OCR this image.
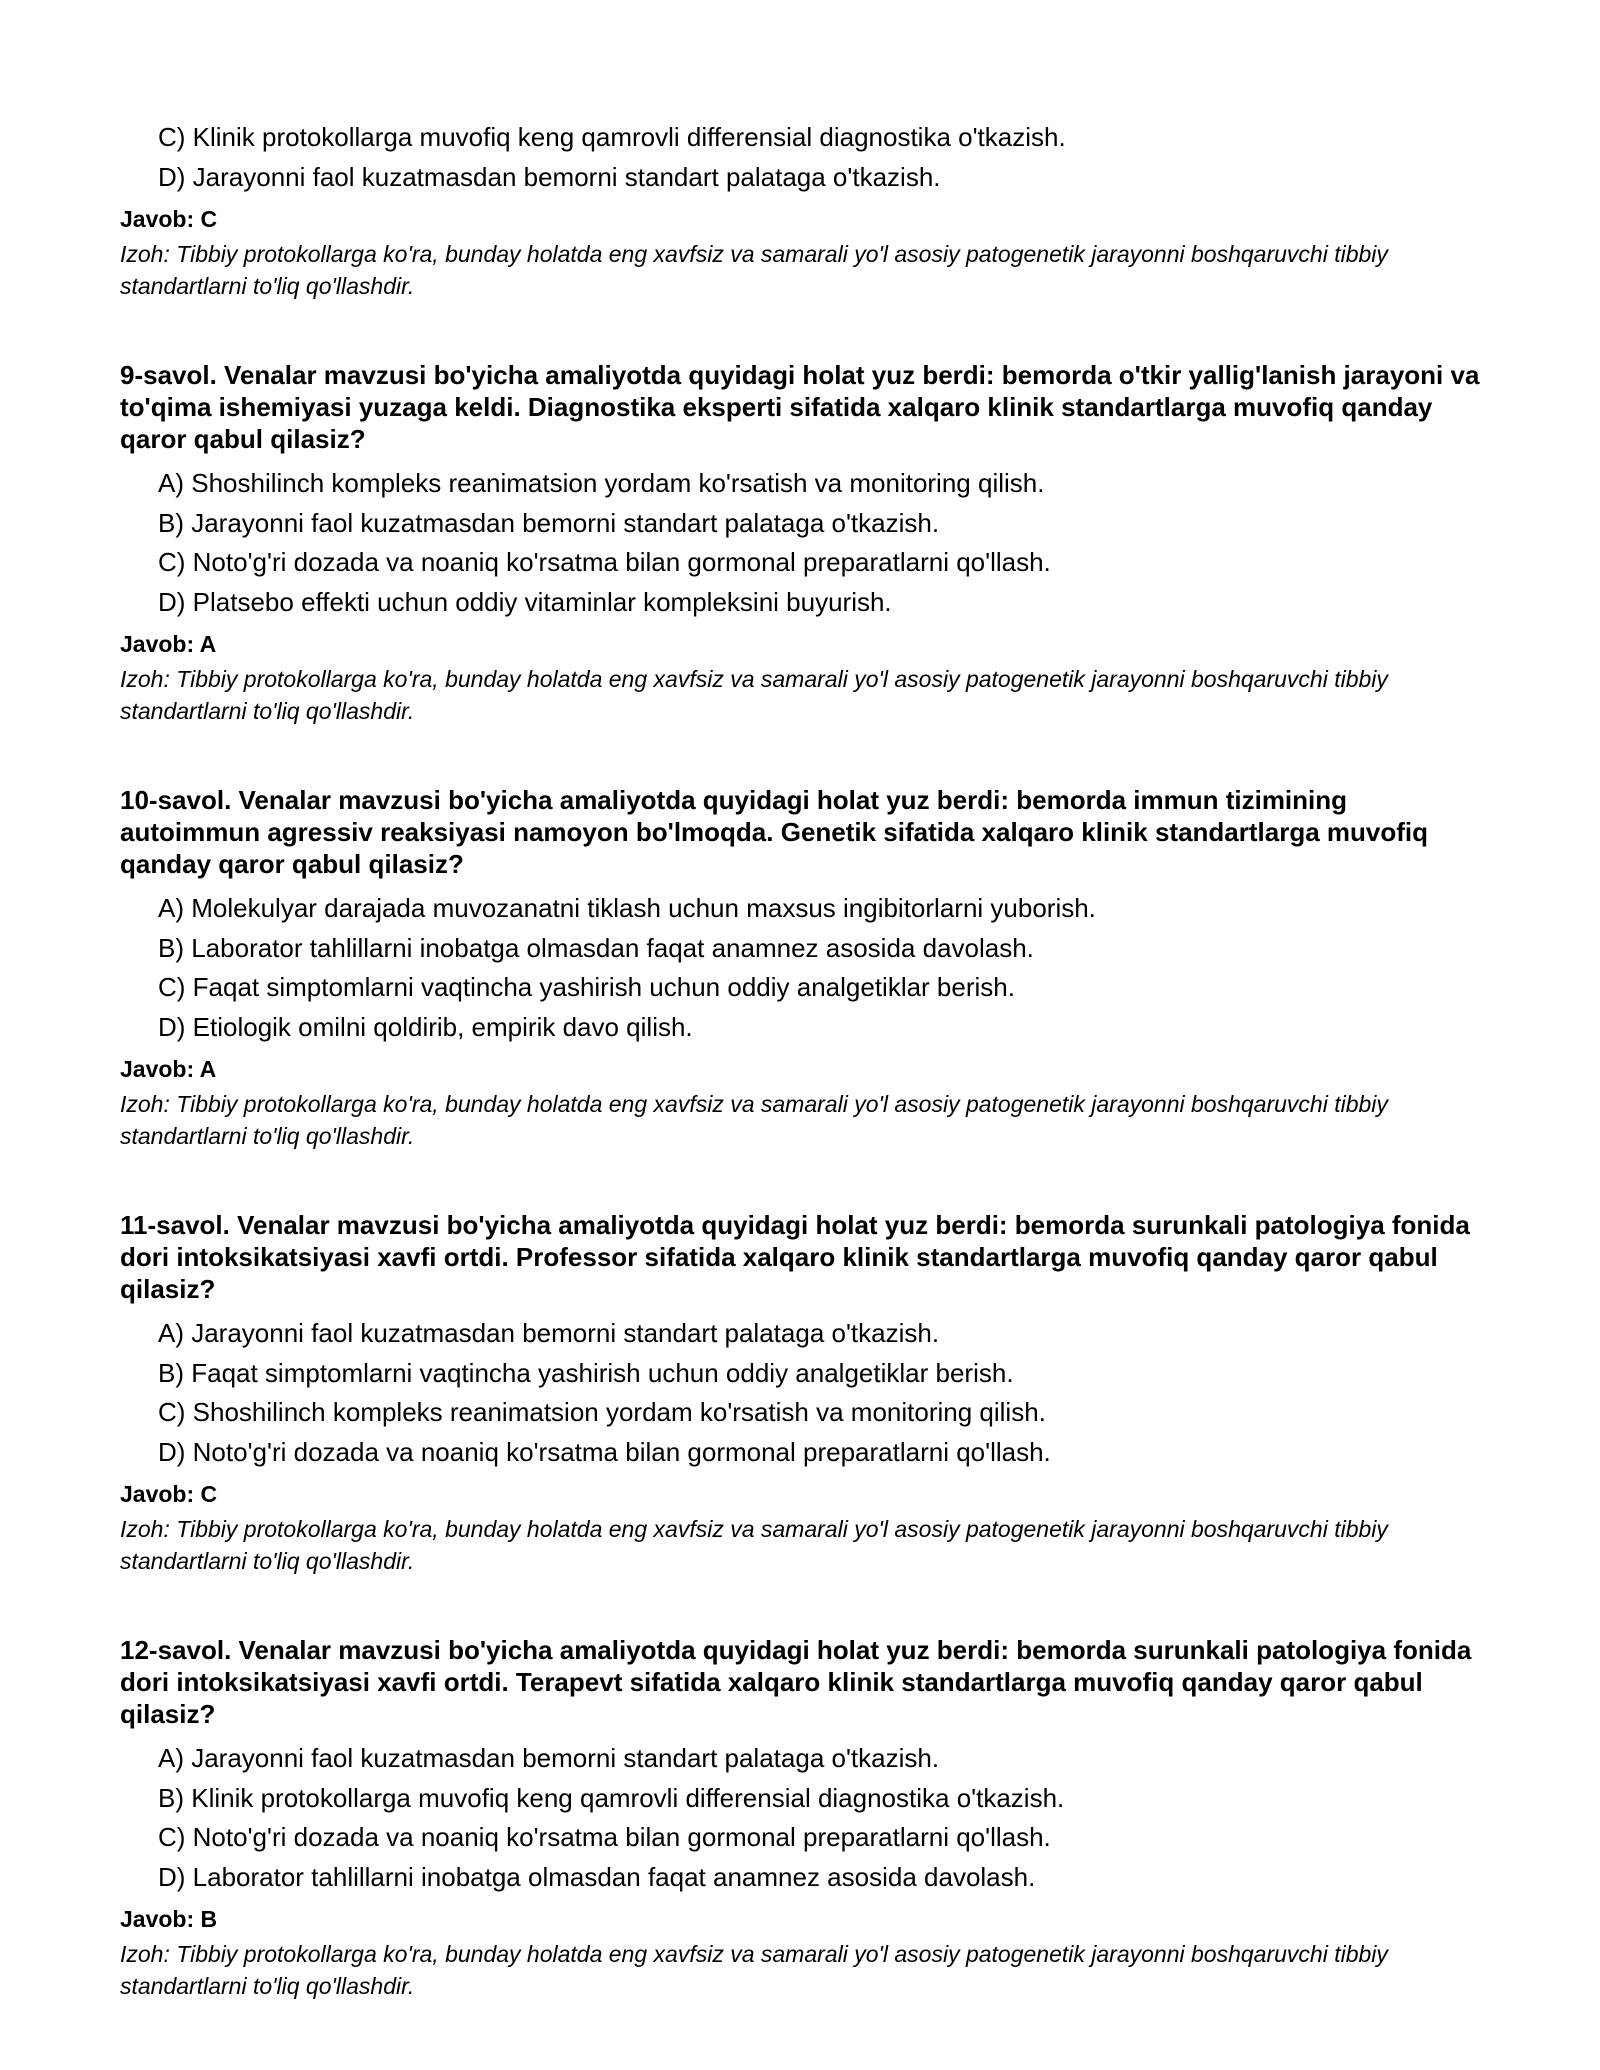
C) Klinik protokollarga muvofiq keng qamrovli differensial diagnostika o'tkazish.
D) Jarayonni faol kuzatmasdan bemorni standart palataga o'tkazish.
Javob: C
Izoh: Tibbiy protokollarga ko'ra, bunday holatda eng xavfsiz va samarali yo'l asosiy patogenetik jarayonni boshqaruvchi tibbiy standartlarni to'liq qo'llashdir.
9-savol. Venalar mavzusi bo'yicha amaliyotda quyidagi holat yuz berdi: bemorda o'tkir yallig'lanish jarayoni va to'qima ishemiyasi yuzaga keldi. Diagnostika eksperti sifatida xalqaro klinik standartlarga muvofiq qanday qaror qabul qilasiz?
A) Shoshilinch kompleks reanimatsion yordam ko'rsatish va monitoring qilish.
B) Jarayonni faol kuzatmasdan bemorni standart palataga o'tkazish.
C) Noto'g'ri dozada va noaniq ko'rsatma bilan gormonal preparatlarni qo'llash.
D) Platsebo effekti uchun oddiy vitaminlar kompleksini buyurish.
Javob: A
Izoh: Tibbiy protokollarga ko'ra, bunday holatda eng xavfsiz va samarali yo'l asosiy patogenetik jarayonni boshqaruvchi tibbiy standartlarni to'liq qo'llashdir.
10-savol. Venalar mavzusi bo'yicha amaliyotda quyidagi holat yuz berdi: bemorda immun tizimining autoimmun agressiv reaksiyasi namoyon bo'lmoqda. Genetik sifatida xalqaro klinik standartlarga muvofiq qanday qaror qabul qilasiz?
A) Molekulyar darajada muvozanatni tiklash uchun maxsus ingibitorlarni yuborish.
B) Laborator tahlillarni inobatga olmasdan faqat anamnez asosida davolash.
C) Faqat simptomlarni vaqtincha yashirish uchun oddiy analgetiklar berish.
D) Etiologik omilni qoldirib, empirik davo qilish.
Javob: A
Izoh: Tibbiy protokollarga ko'ra, bunday holatda eng xavfsiz va samarali yo'l asosiy patogenetik jarayonni boshqaruvchi tibbiy standartlarni to'liq qo'llashdir.
11-savol. Venalar mavzusi bo'yicha amaliyotda quyidagi holat yuz berdi: bemorda surunkali patologiya fonida dori intoksikatsiyasi xavfi ortdi. Professor sifatida xalqaro klinik standartlarga muvofiq qanday qaror qabul qilasiz?
A) Jarayonni faol kuzatmasdan bemorni standart palataga o'tkazish.
B) Faqat simptomlarni vaqtincha yashirish uchun oddiy analgetiklar berish.
C) Shoshilinch kompleks reanimatsion yordam ko'rsatish va monitoring qilish.
D) Noto'g'ri dozada va noaniq ko'rsatma bilan gormonal preparatlarni qo'llash.
Javob: C
Izoh: Tibbiy protokollarga ko'ra, bunday holatda eng xavfsiz va samarali yo'l asosiy patogenetik jarayonni boshqaruvchi tibbiy standartlarni to'liq qo'llashdir.
12-savol. Venalar mavzusi bo'yicha amaliyotda quyidagi holat yuz berdi: bemorda surunkali patologiya fonida dori intoksikatsiyasi xavfi ortdi. Terapevt sifatida xalqaro klinik standartlarga muvofiq qanday qaror qabul qilasiz?
A) Jarayonni faol kuzatmasdan bemorni standart palataga o'tkazish.
B) Klinik protokollarga muvofiq keng qamrovli differensial diagnostika o'tkazish.
C) Noto'g'ri dozada va noaniq ko'rsatma bilan gormonal preparatlarni qo'llash.
D) Laborator tahlillarni inobatga olmasdan faqat anamnez asosida davolash.
Javob: B
Izoh: Tibbiy protokollarga ko'ra, bunday holatda eng xavfsiz va samarali yo'l asosiy patogenetik jarayonni boshqaruvchi tibbiy standartlarni to'liq qo'llashdir.
